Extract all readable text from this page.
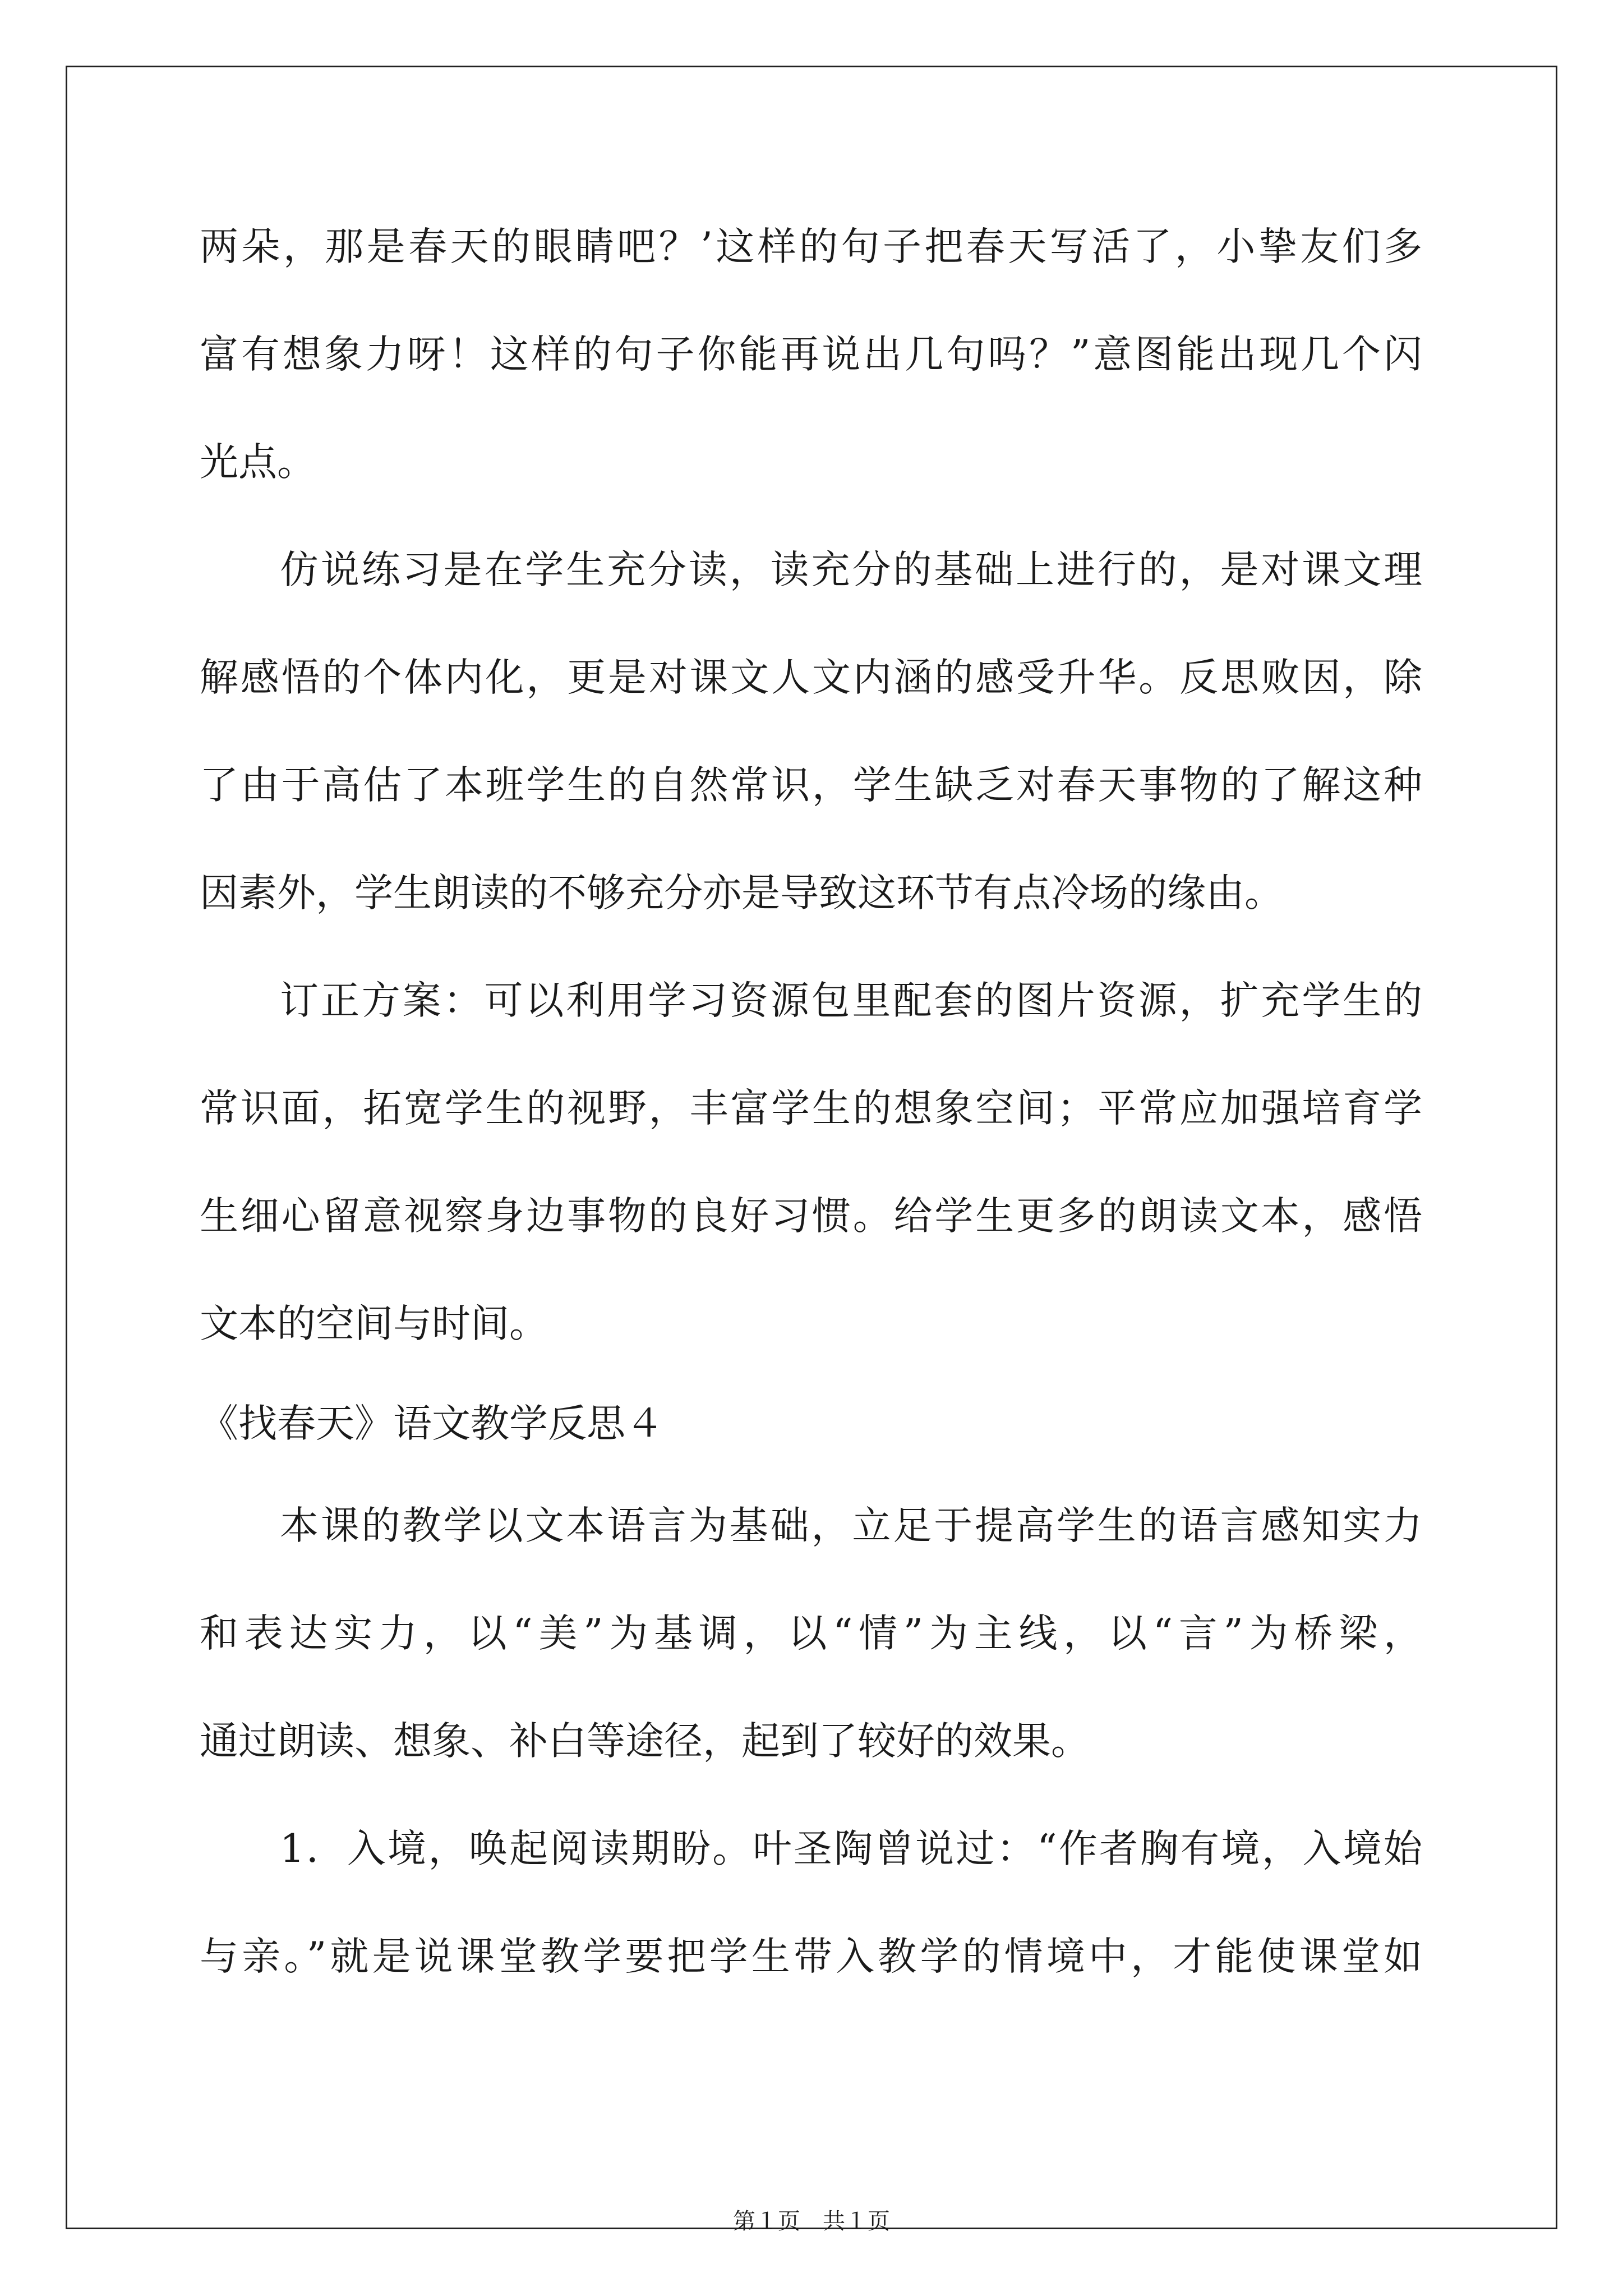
两朵，那是春天的眼睛吧？’这样的句子把春天写活了，小挚友们多
富有想象力呀！这样的句子你能再说出几句吗？”意图能出现几个闪
光点。
仿说练习是在学生充分读，读充分的基础上进行的，是对课文理
解感悟的个体内化，更是对课文人文内涵的感受升华。反思败因，除
了由于高估了本班学生的自然常识，学生缺乏对春天事物的了解这种
因素外，学生朗读的不够充分亦是导致这环节有点冷场的缘由。
订正方案：可以利用学习资源包里配套的图片资源，扩充学生的
常识面，拓宽学生的视野，丰富学生的想象空间；平常应加强培育学
生细心留意视察身边事物的良好习惯。给学生更多的朗读文本，感悟
文本的空间与时间。
《找春天》语文教学反思４
本课的教学以文本语言为基础，立足于提高学生的语言感知实力
和表达实力，以“美”为基调，以“情”为主线，以“言”为桥梁，
通过朗读、想象、补白等途径，起到了较好的效果。
1．入境，唤起阅读期盼。叶圣陶曾说过：“作者胸有境，入境始
与亲。”就是说课堂教学要把学生带入教学的情境中，才能使课堂如
第１页　共１页
